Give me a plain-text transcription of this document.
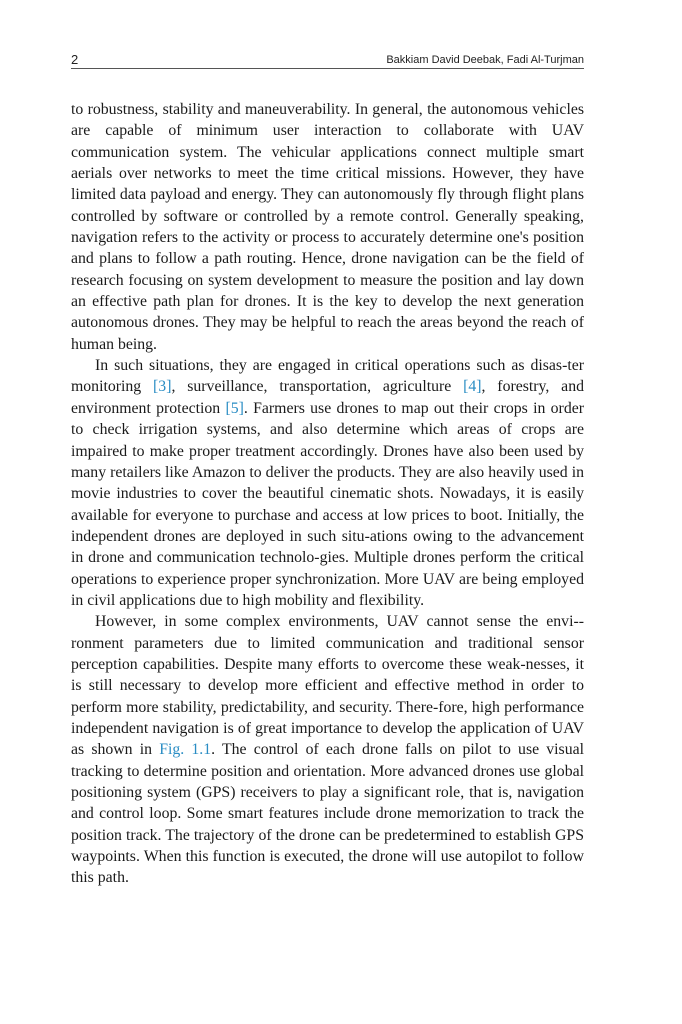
2	Bakkiam David Deebak, Fadi Al-Turjman

to robustness, stability and maneuverability. In general, the autonomous vehicles are capable of minimum user interaction to collaborate with UAV communication system. The vehicular applications connect multiple smart aerials over networks to meet the time critical missions. However, they have limited data payload and energy. They can autonomously fly through flight plans controlled by software or controlled by a remote control. Generally speaking, navigation refers to the activity or process to accurately determine one's position and plans to follow a path routing. Hence, drone navigation can be the field of research focusing on system development to measure the position and lay down an effective path plan for drones. It is the key to develop the next generation autonomous drones. They may be helpful to reach the areas beyond the reach of human being.

In such situations, they are engaged in critical operations such as disas-ter monitoring [3], surveillance, transportation, agriculture [4], forestry, and environment protection [5]. Farmers use drones to map out their crops in order to check irrigation systems, and also determine which areas of crops are impaired to make proper treatment accordingly. Drones have also been used by many retailers like Amazon to deliver the products. They are also heavily used in movie industries to cover the beautiful cinematic shots. Nowadays, it is easily available for everyone to purchase and access at low prices to boot. Initially, the independent drones are deployed in such situ-ations owing to the advancement in drone and communication technolo-gies. Multiple drones perform the critical operations to experience proper synchronization. More UAV are being employed in civil applications due to high mobility and flexibility.

However, in some complex environments, UAV cannot sense the envi-ronment parameters due to limited communication and traditional sensor perception capabilities. Despite many efforts to overcome these weak-nesses, it is still necessary to develop more efficient and effective method in order to perform more stability, predictability, and security. There-fore, high performance independent navigation is of great importance to develop the application of UAV as shown in Fig. 1.1. The control of each drone falls on pilot to use visual tracking to determine position and orientation. More advanced drones use global positioning system (GPS) receivers to play a significant role, that is, navigation and control loop. Some smart features include drone memorization to track the position track. The trajectory of the drone can be predetermined to establish GPS waypoints. When this function is executed, the drone will use autopilot to follow this path.
